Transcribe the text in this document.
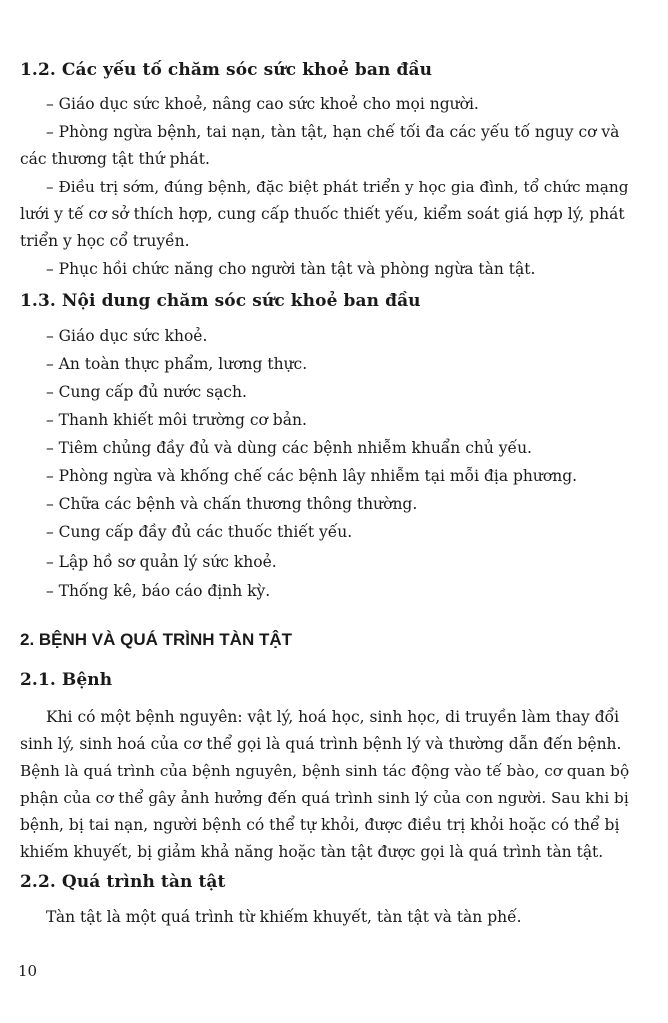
1.2. Các yếu tố chăm sóc sức khoẻ ban đầu

– Giáo dục sức khoẻ, nâng cao sức khoẻ cho mọi người.

– Phòng ngừa bệnh, tai nạn, tàn tật, hạn chế tối đa các yếu tố nguy cơ và

các thương tật thứ phát.

– Điều trị sớm, đúng bệnh, đặc biệt phát triển y học gia đình, tổ chức mạng

lưới y tế cơ sở thích hợp, cung cấp thuốc thiết yếu, kiểm soát giá hợp lý, phát

triển y học cổ truyền.

– Phục hồi chức năng cho người tàn tật và phòng ngừa tàn tật.

1.3. Nội dung chăm sóc sức khoẻ ban đầu

– Giáo dục sức khoẻ.

– An toàn thực phẩm, lương thực.

– Cung cấp đủ nước sạch.

– Thanh khiết môi trường cơ bản.

– Tiêm chủng đầy đủ và dùng các bệnh nhiễm khuẩn chủ yếu.

– Phòng ngừa và khống chế các bệnh lây nhiễm tại mỗi địa phương.

– Chữa các bệnh và chấn thương thông thường.

– Cung cấp đầy đủ các thuốc thiết yếu.

– Lập hồ sơ quản lý sức khoẻ.

– Thống kê, báo cáo định kỳ.

2. BỆNH VÀ QUÁ TRÌNH TÀN TẬT
2.1. Bệnh

Khi có một bệnh nguyên: vật lý, hoá học, sinh học, di truyền làm thay đổi

sinh lý, sinh hoá của cơ thể gọi là quá trình bệnh lý và thường dẫn đến bệnh.

Bệnh là quá trình của bệnh nguyên, bệnh sinh tác động vào tế bào, cơ quan bộ

phận của cơ thể gây ảnh hưởng đến quá trình sinh lý của con người. Sau khi bị

bệnh, bị tai nạn, người bệnh có thể tự khỏi, được điều trị khỏi hoặc có thể bị

khiếm khuyết, bị giảm khả năng hoặc tàn tật được gọi là quá trình tàn tật.

2.2. Quá trình tàn tật

Tàn tật là một quá trình từ khiếm khuyết, tàn tật và tàn phế.

10
